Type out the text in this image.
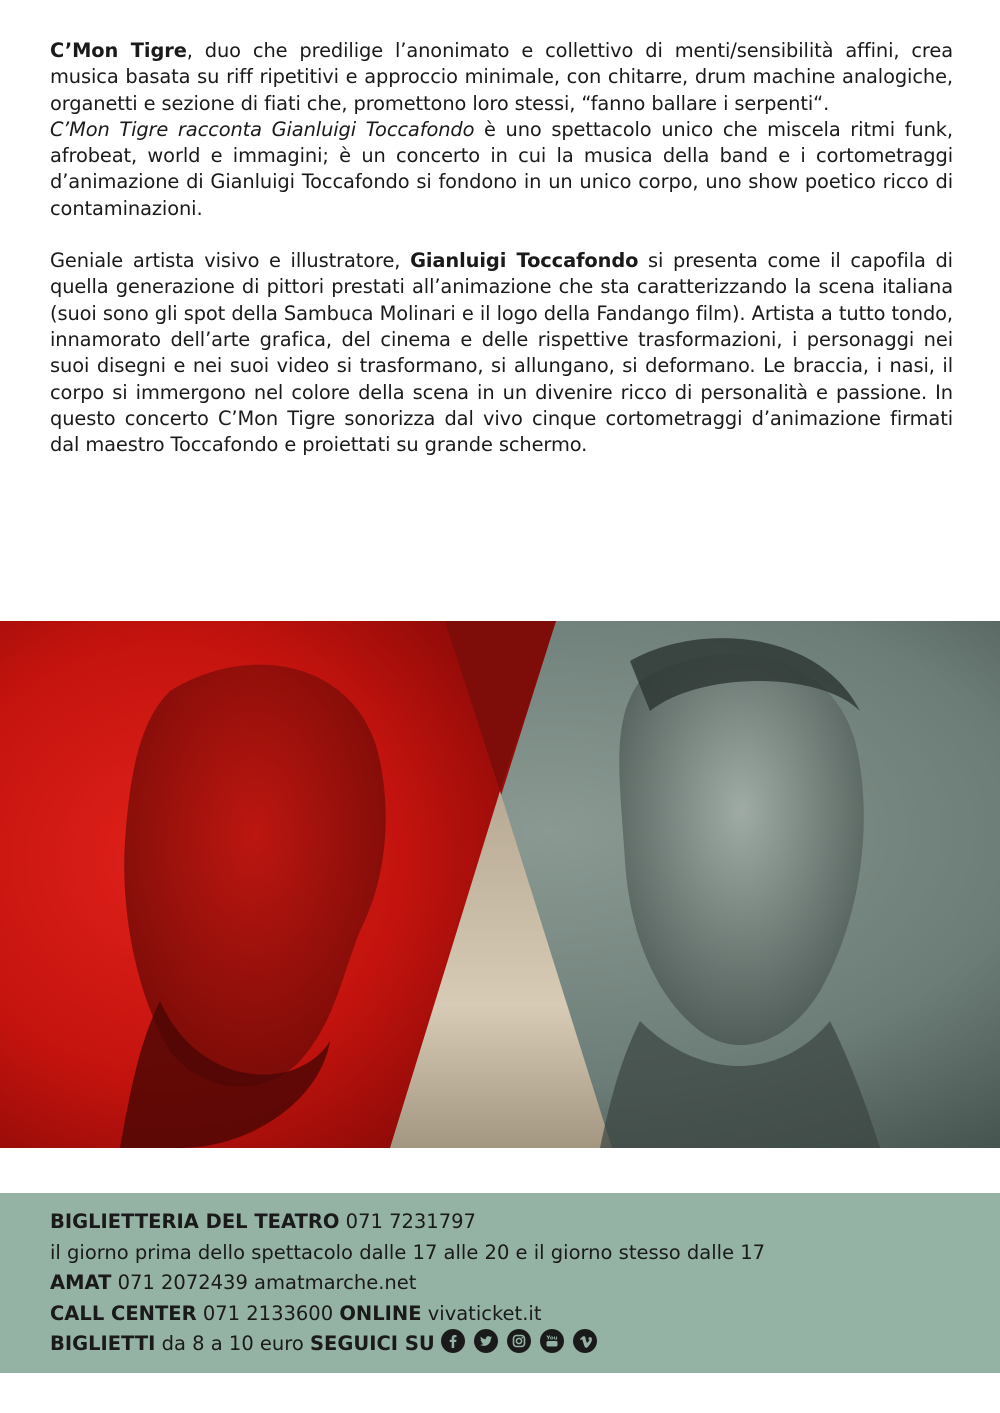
C’Mon Tigre, duo che predilige l’anonimato e collettivo di menti/sensibilità affini, crea musica basata su riff ripetitivi e approccio minimale, con chitarre, drum machine analogiche, organetti e sezione di fiati che, promettono loro stessi, “fanno ballare i serpenti“.

C’Mon Tigre racconta Gianluigi Toccafondo è uno spettacolo unico che miscela ritmi funk, afrobeat, world e immagini; è un concerto in cui la musica della band e i cortometraggi d’animazione di Gianluigi Toccafondo si fondono in un unico corpo, uno show poetico ricco di contaminazioni.

Geniale artista visivo e illustratore, Gianluigi Toccafondo si presenta come il capofila di quella generazione di pittori prestati all’animazione che sta caratterizzando la scena italiana (suoi sono gli spot della Sambuca Molinari e il logo della Fandango film). Artista a tutto tondo, innamorato dell’arte grafica, del cinema e delle rispettive trasformazioni, i personaggi nei suoi disegni e nei suoi video si trasformano, si allungano, si deformano. Le braccia, i nasi, il corpo si immergono nel colore della scena in un divenire ricco di personalità e passione. In questo concerto C’Mon Tigre sonorizza dal vivo cinque cortometraggi d’animazione firmati dal maestro Toccafondo e proiettati su grande schermo.

BIGLIETTERIA DEL TEATRO 071 7231797
il giorno prima dello spettacolo dalle 17 alle 20 e il giorno stesso dalle 17
AMAT 071 2072439 amatmarche.net
CALL CENTER 071 2133600 ONLINE vivaticket.it
BIGLIETTI da 8 a 10 euro SEGUICI SU	You
